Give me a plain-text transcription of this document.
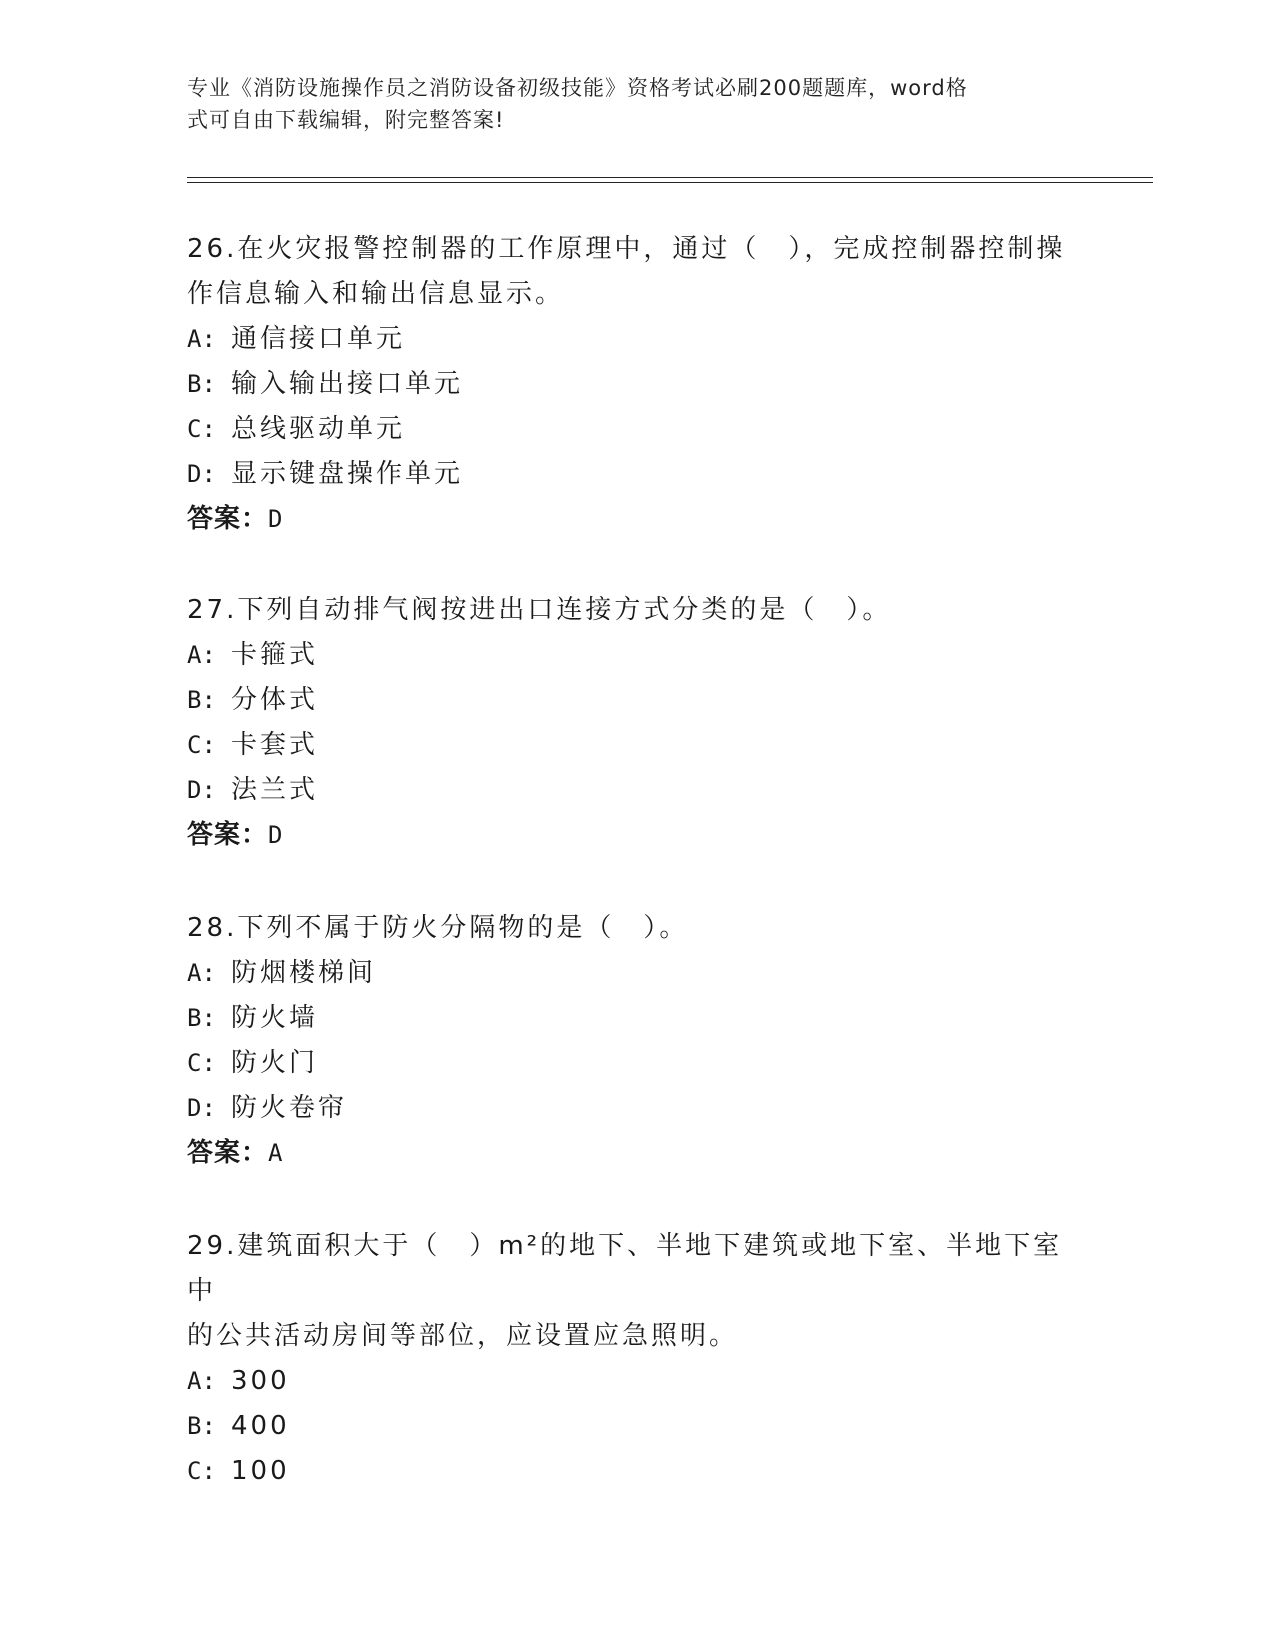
专业《消防设施操作员之消防设备初级技能》资格考试必刷200题题库，word格
式可自由下载编辑，附完整答案!
26.在火灾报警控制器的工作原理中，通过（　），完成控制器控制操
作信息输入和输出信息显示。
A: 通信接口单元
B: 输入输出接口单元
C: 总线驱动单元
D: 显示键盘操作单元
答案：D
27.下列自动排气阀按进出口连接方式分类的是（　）。
A: 卡箍式
B: 分体式
C: 卡套式
D: 法兰式
答案：D
28.下列不属于防火分隔物的是（　）。
A: 防烟楼梯间
B: 防火墙
C: 防火门
D: 防火卷帘
答案：A
29.建筑面积大于（　）m²的地下、半地下建筑或地下室、半地下室中
的公共活动房间等部位，应设置应急照明。
A: 300
B: 400
C: 100
